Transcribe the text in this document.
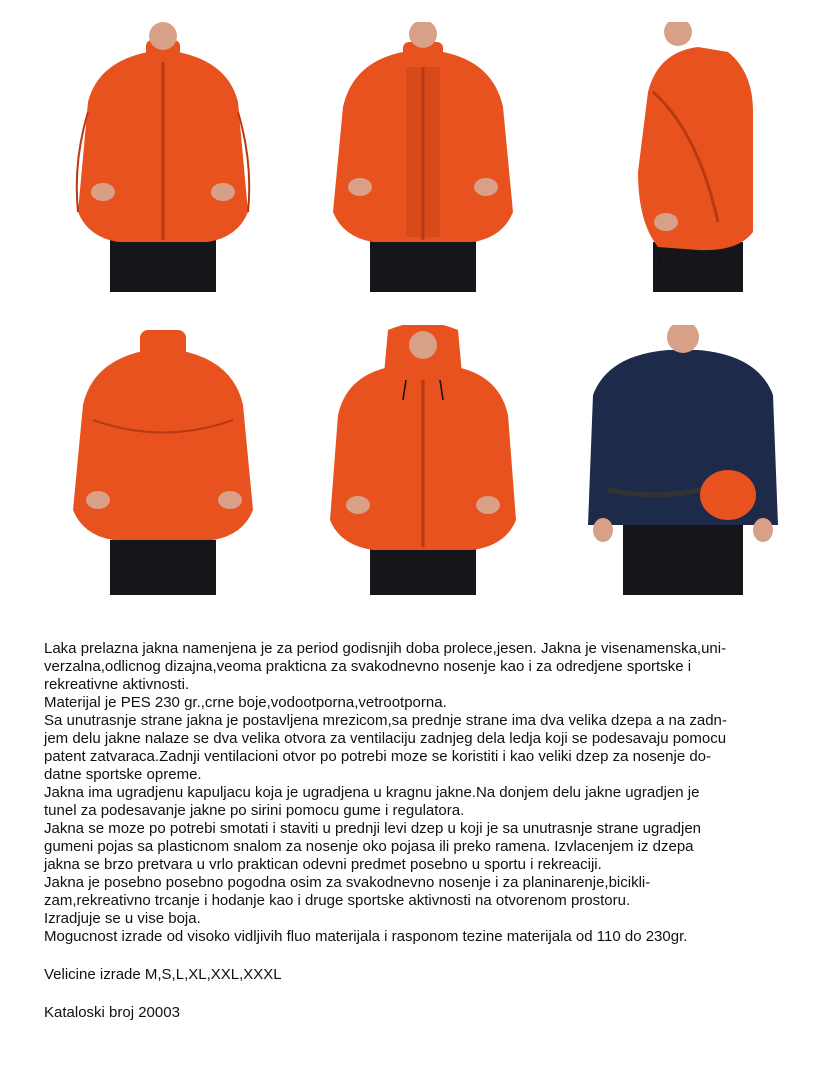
Laka prelazna jakna namenjena je za period godisnjih doba prolece,jesen. Jakna je visenamenska,uni-

verzalna,odlicnog dizajna,veoma prakticna za svakodnevno nosenje kao i za odredjene sportske i

rekreativne aktivnosti.

Materijal je PES 230 gr.,crne boje,vodootporna,vetrootporna.

Sa unutrasnje strane jakna je postavljena mrezicom,sa prednje strane ima dva velika dzepa a na zadn-

jem delu jakne nalaze se dva velika otvora za ventilaciju zadnjeg dela ledja koji se podesavaju pomocu

patent zatvaraca.Zadnji ventilacioni otvor po potrebi moze se koristiti i kao veliki dzep za nosenje do-

datne sportske opreme.

Jakna ima ugradjenu kapuljacu koja je ugradjena u kragnu jakne.Na donjem delu jakne ugradjen je

tunel za podesavanje jakne po sirini pomocu gume i regulatora.

Jakna se moze po potrebi smotati i staviti u prednji levi dzep u koji je sa unutrasnje strane ugradjen

gumeni pojas sa plasticnom snalom za nosenje oko pojasa ili preko ramena. Izvlacenjem iz dzepa

jakna se brzo pretvara u vrlo praktican odevni predmet posebno u sportu i rekreaciji.

Jakna je posebno posebno pogodna osim za svakodnevno nosenje i za planinarenje,bicikli-

zam,rekreativno trcanje i hodanje kao i druge sportske aktivnosti na otvorenom prostoru.

Izradjuje se u vise boja.

Mogucnost izrade od visoko vidljivih fluo materijala i rasponom tezine materijala od 110 do 230gr.

Velicine izrade M,S,L,XL,XXL,XXXL

Kataloski broj 20003
